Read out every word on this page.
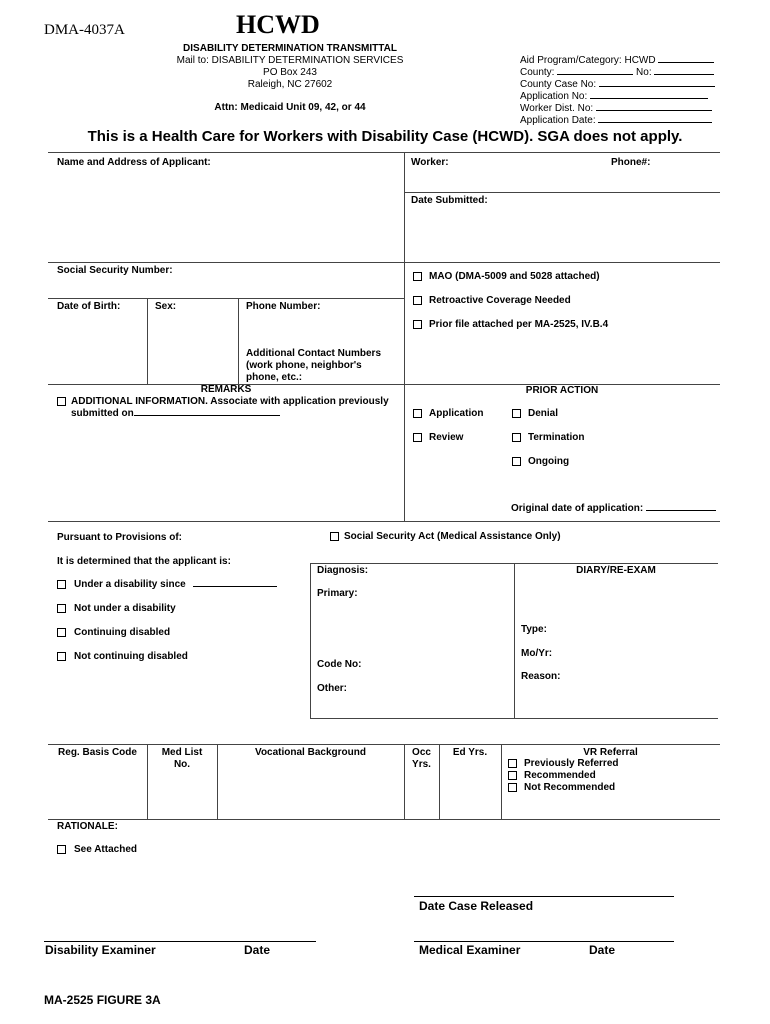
DMA-4037A	HCWD
DISABILITY DETERMINATION TRANSMITTAL
Mail to: DISABILITY DETERMINATION SERVICES
PO Box 243
Raleigh, NC 27602
Attn: Medicaid Unit 09, 42, or 44
Aid Program/Category: HCWD
County:	No:
County Case No:
Application No:
Worker Dist. No:
Application Date:
This is a Health Care for Workers with Disability Case (HCWD). SGA does not apply.
Name and Address of Applicant:	Worker:	Phone#:
Date Submitted:
Social Security Number:
Date of Birth:	Sex:	Phone Number:
Additional Contact Numbers
(work phone, neighbor's
phone, etc.:
MAO (DMA-5009 and 5028 attached)
Retroactive Coverage Needed
Prior file attached per MA-2525, IV.B.4
REMARKS
ADDITIONAL INFORMATION. Associate with application previously
submitted on
PRIOR ACTION
Application	Denial
Review	Termination
Ongoing
Original date of application:
Pursuant to Provisions of:	Social Security Act (Medical Assistance Only)
It is determined that the applicant is:
Under a disability since
Not under a disability
Continuing disabled
Not continuing disabled
Diagnosis:
Primary:
Code No:
Other:
DIARY/RE-EXAM
Type:
Mo/Yr:
Reason:
Reg. Basis Code	Med List
No.
Vocational Background	Occ
Yrs.
Ed Yrs.	VR Referral
Previously Referred
Recommended
Not Recommended
RATIONALE:
See Attached
Date Case Released
Disability Examiner	Date	Medical Examiner	Date
MA-2525 FIGURE 3A
